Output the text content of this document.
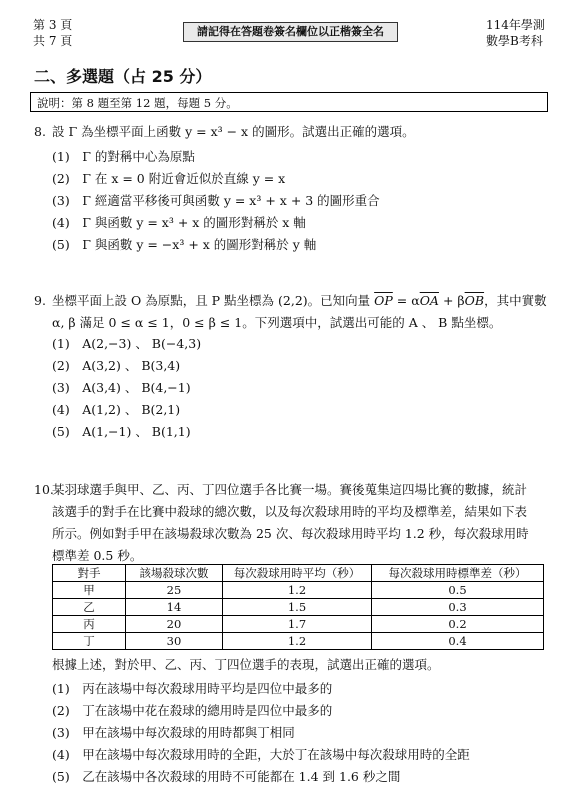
第 3 頁
共 7 頁
請記得在答題卷簽名欄位以正楷簽全名	114年學測
數學B考科
二、多選題（占 25 分）
說明：第 8 題至第 12 題，每題 5 分。
8. 設 Γ 為坐標平面上函數 y = x³ − x 的圖形。試選出正確的選項。
(1)　Γ 的對稱中心為原點
(2)　Γ 在 x = 0 附近會近似於直線 y = x
(3)　Γ 經適當平移後可與函數 y = x³ + x + 3 的圖形重合
(4)　Γ 與函數 y = x³ + x 的圖形對稱於 x 軸
(5)　Γ 與函數 y = −x³ + x 的圖形對稱於 y 軸
9. 坐標平面上設 O 為原點，且 P 點坐標為 (2,2)。已知向量 $\overline{OP} = \alpha\overline{OA} + \beta\overline{OB}$，其中實數
α, β 滿足 0 ≤ α ≤ 1，0 ≤ β ≤ 1。下列選項中，試選出可能的 A 、 B 點坐標。
(1)　A(2,−3) 、 B(−4,3)
(2)　A(3,2) 、 B(3,4)
(3)　A(3,4) 、 B(4,−1)
(4)　A(1,2) 、 B(2,1)
(5)　A(1,−1) 、 B(1,1)
10.
某羽球選手與甲、乙、丙、丁四位選手各比賽一場。賽後蒐集這四場比賽的數據，統計
該選手的對手在比賽中殺球的總次數，以及每次殺球用時的平均及標準差，結果如下表
所示。例如對手甲在該場殺球次數為 25 次、每次殺球用時平均 1.2 秒，每次殺球用時
標準差 0.5 秒。
對手	該場殺球次數	每次殺球用時平均（秒）	每次殺球用時標準差（秒）
甲	25	1.2	0.5
乙	14	1.5	0.3
丙	20	1.7	0.2
丁	30	1.2	0.4
根據上述，對於甲、乙、丙、丁四位選手的表現，試選出正確的選項。
(1)　丙在該場中每次殺球用時平均是四位中最多的
(2)　丁在該場中花在殺球的總用時是四位中最多的
(3)　甲在該場中每次殺球的用時都與丁相同
(4)　甲在該場中每次殺球用時的全距，大於丁在該場中每次殺球用時的全距
(5)　乙在該場中各次殺球的用時不可能都在 1.4 到 1.6 秒之間
